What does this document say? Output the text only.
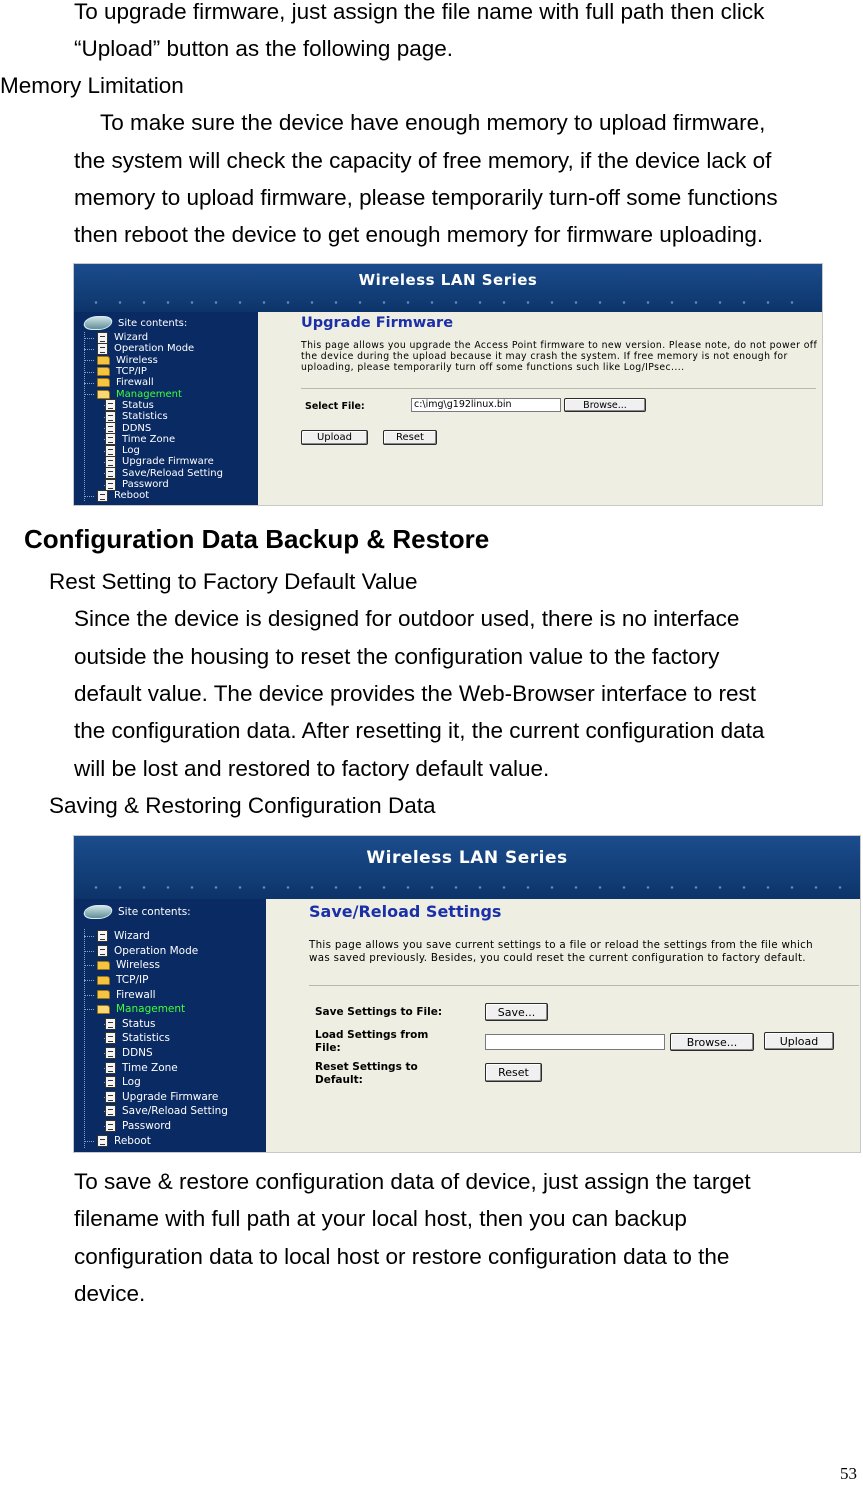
To upgrade firmware, just assign the file name with full path then click

“Upload” button as the following page.

Memory Limitation

To make sure the device have enough memory to upload firmware,

the system will check the capacity of free memory, if the device lack of

memory to upload firmware, please temporarily turn-off some functions

then reboot the device to get enough memory for firmware uploading.

Wireless LAN Series
Site contents:
Wizard
Operation Mode
Wireless
TCP/IP
Firewall
Management
Status
Statistics
DDNS
Time Zone
Log
Upgrade Firmware
Save/Reload Setting
Password
Reboot
Upgrade Firmware
This page allows you upgrade the Access Point firmware to new version. Please note, do not power off the device during the upload because it may crash the system. If free memory is not enough for uploading, please temporarily turn off some functions such like Log/IPsec....
Select File:	c:\img\g192linux.bin	Browse...
Upload	Reset
Configuration Data Backup & Restore

Rest Setting to Factory Default Value

Since the device is designed for outdoor used, there is no interface

outside the housing to reset the configuration value to the factory

default value. The device provides the Web-Browser interface to rest

the configuration data. After resetting it, the current configuration data

will be lost and restored to factory default value.

Saving & Restoring Configuration Data

Wireless LAN Series
Site contents:
Wizard
Operation Mode
Wireless
TCP/IP
Firewall
Management
Status
Statistics
DDNS
Time Zone
Log
Upgrade Firmware
Save/Reload Setting
Password
Reboot
Save/Reload Settings
This page allows you save current settings to a file or reload the settings from the file which was saved previously. Besides, you could reset the current configuration to factory default.
Save Settings to File:	Save...
Load Settings from File:	Browse...	Upload
Reset Settings to Default:
Reset

To save & restore configuration data of device, just assign the target

filename with full path at your local host, then you can backup

configuration data to local host or restore configuration data to the

device.

53
